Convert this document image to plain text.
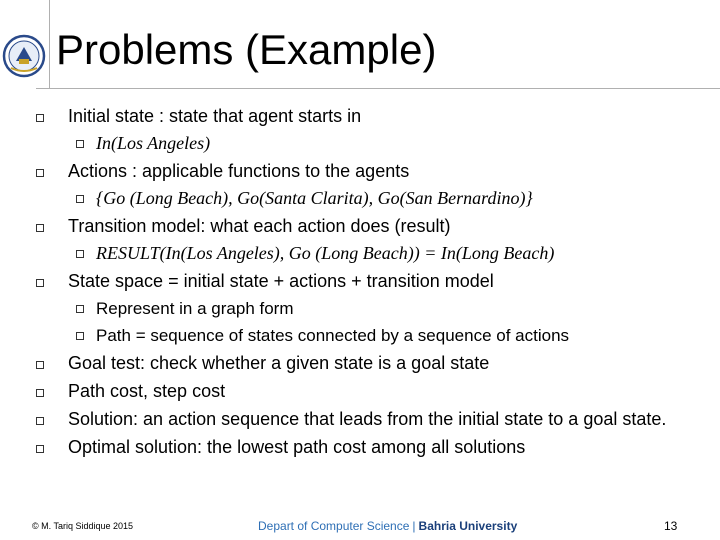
Problems (Example)
Initial state : state that agent starts in
In(Los Angeles)
Actions : applicable functions to the agents
{Go (Long Beach), Go(Santa Clarita), Go(San Bernardino)}
Transition model: what each action does (result)
RESULT(In(Los Angeles), Go (Long Beach)) = In(Long Beach)
State space = initial state + actions + transition model
Represent in a graph form
Path = sequence of states connected by a sequence of actions
Goal test: check whether a given state is a goal state
Path cost, step cost
Solution: an action sequence that leads from the initial state to a goal state.
Optimal solution: the lowest path cost among all solutions
© M. Tariq Siddique 2015	Depart of Computer Science | Bahria University	13
